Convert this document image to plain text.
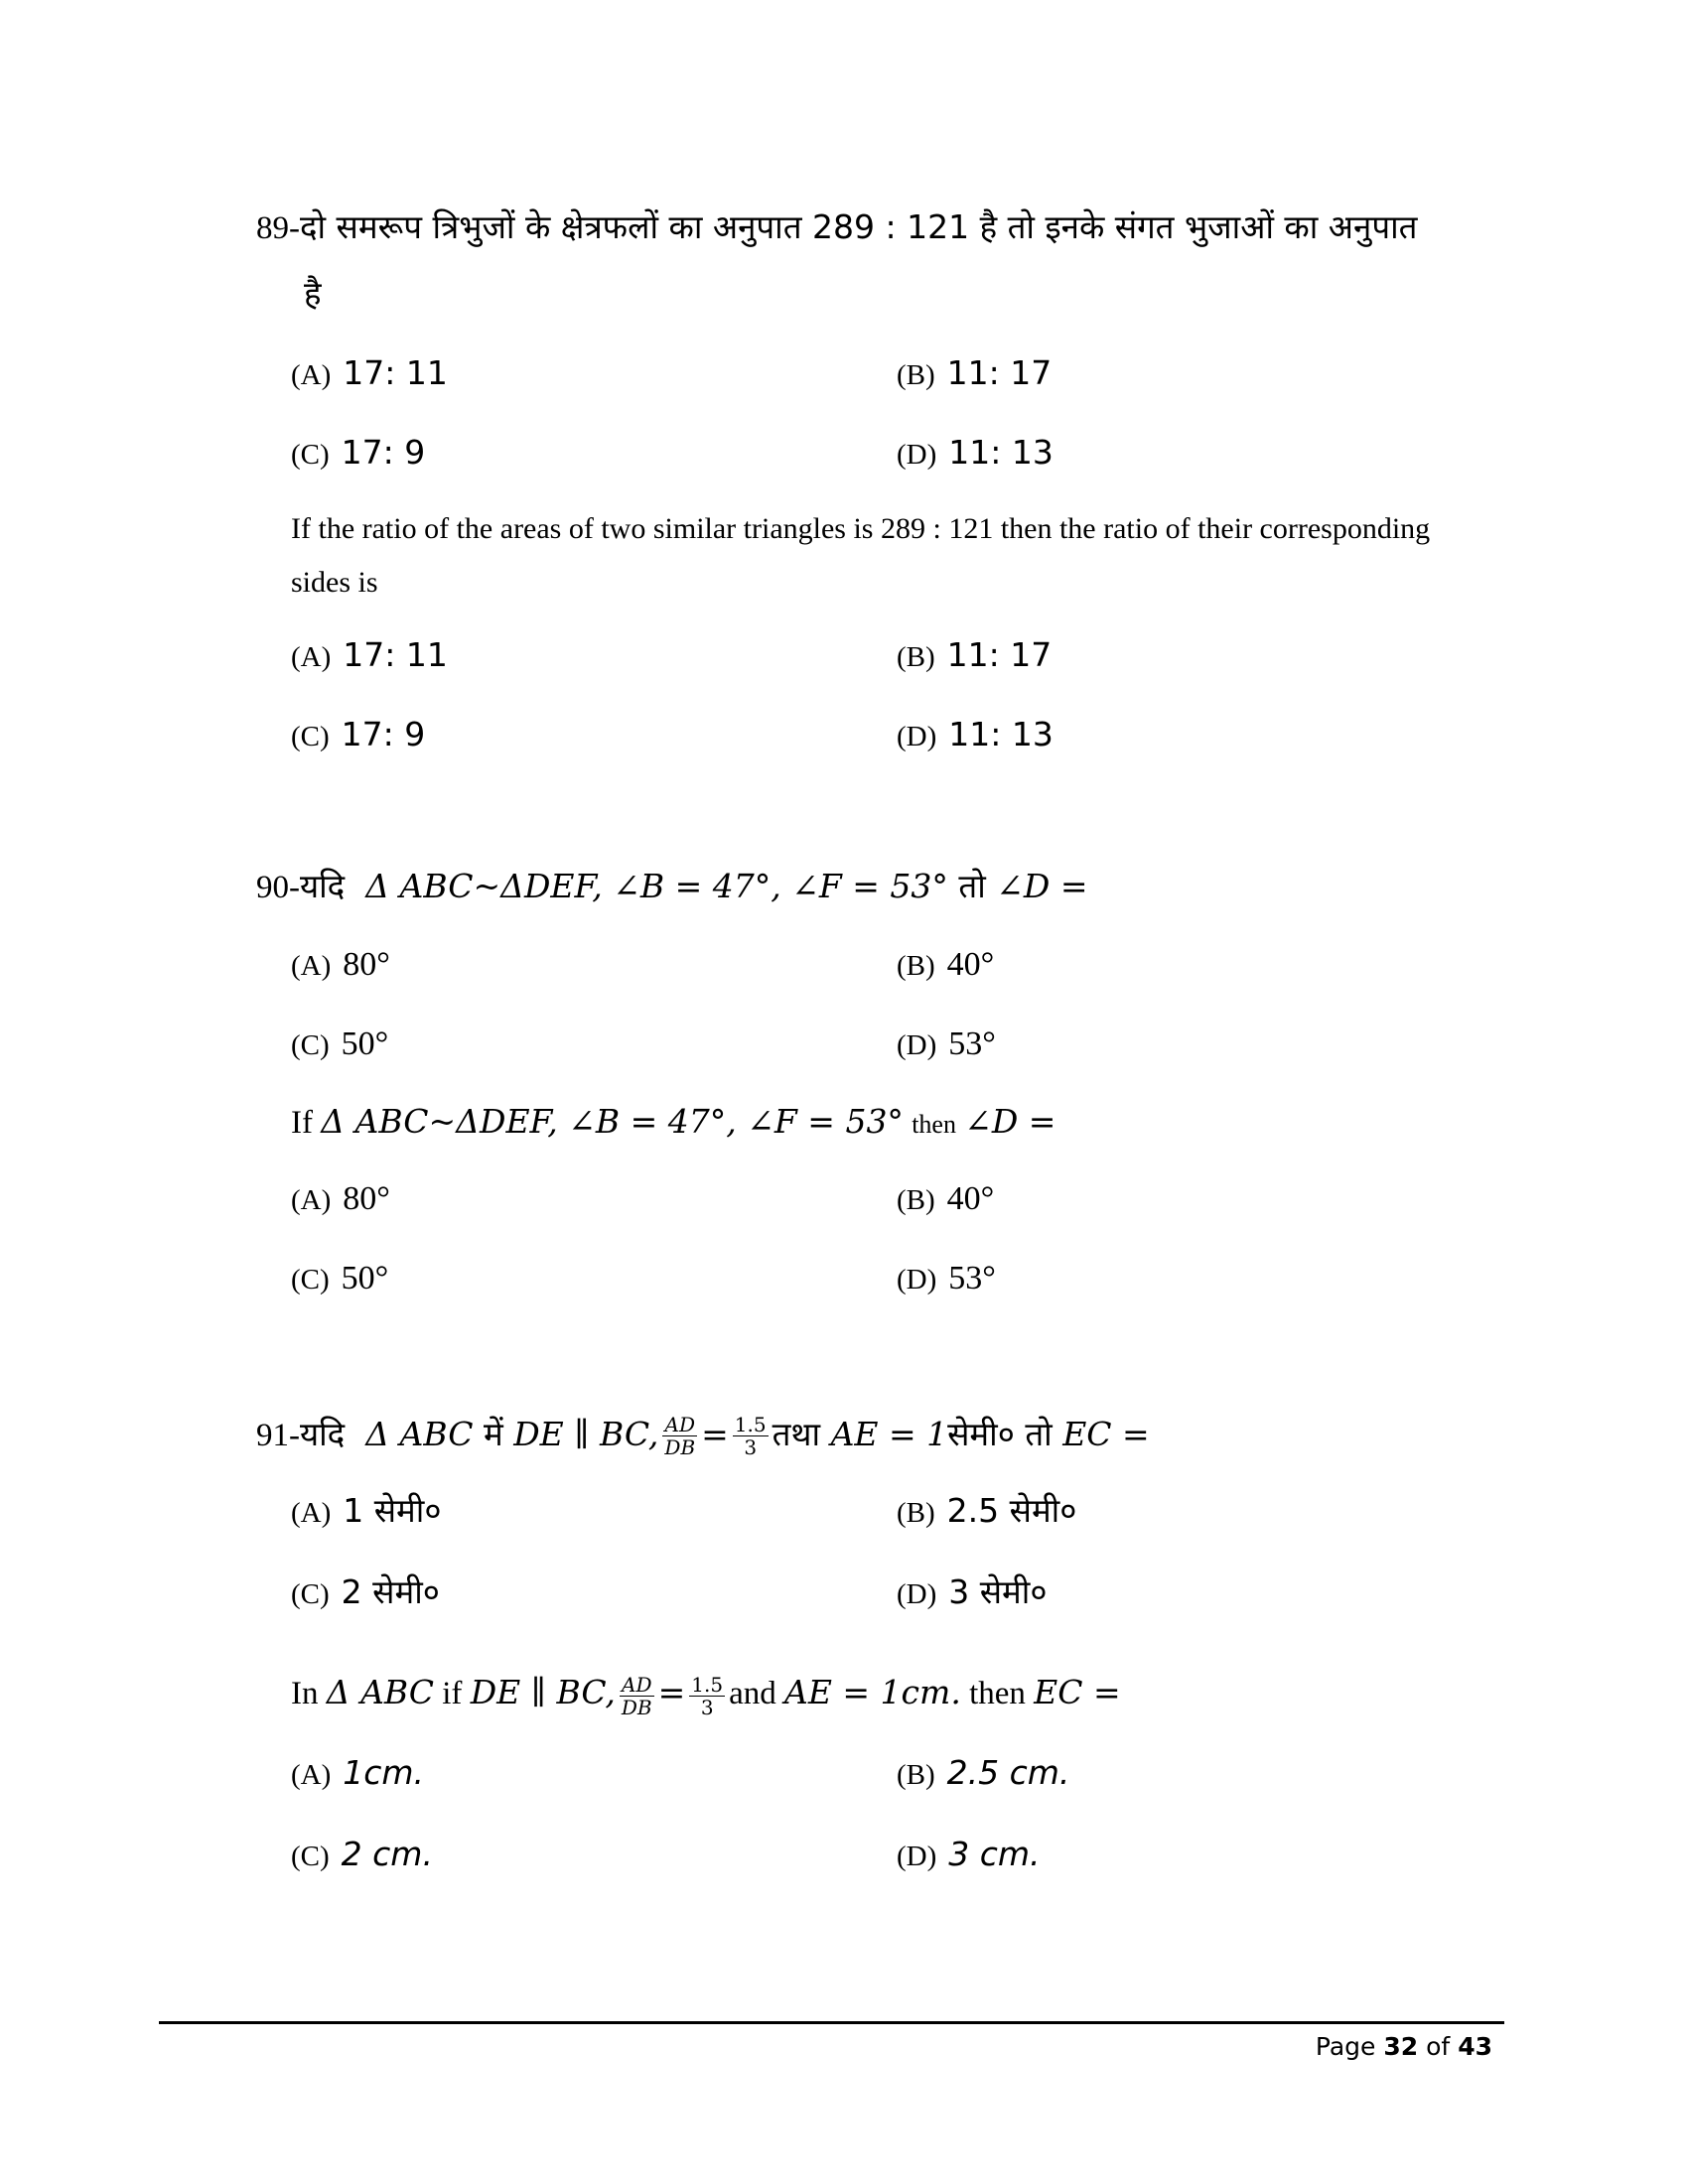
89-दो समरूप त्रिभुजों के क्षेत्रफलों का अनुपात 289 : 121 है तो इनके संगत भुजाओं का अनुपात
है
(A) 17: 11	(B) 11: 17
(C) 17: 9	(D) 11: 13
If the ratio of the areas of two similar triangles is 289 : 121 then the ratio of their corresponding
sides is
(A) 17: 11	(B) 11: 17
(C) 17: 9	(D) 11: 13
90-यदि Δ ABC~ΔDEF, ∠B = 47°, ∠F = 53° तो ∠D =
(A) 80°	(B) 40°
(C) 50°	(D) 53°
If Δ ABC~ΔDEF, ∠B = 47°, ∠F = 53° then ∠D =
(A) 80°	(B) 40°
(C) 50°	(D) 53°
91-यदि Δ ABC में DE ∥ BC, $\frac{AD}{DB} = \frac{1.5}{3}$ तथा AE = 1सेमी० तो EC =
(A) 1 सेमी०	(B) 2.5 सेमी०
(C) 2 सेमी०	(D) 3 सेमी०
In Δ ABC if DE ∥ BC, $\frac{AD}{DB} = \frac{1.5}{3}$ and AE = 1cm. then EC =
(A) 1cm.	(B) 2.5 cm.
(C) 2 cm.	(D) 3 cm.
Page 32 of 43
